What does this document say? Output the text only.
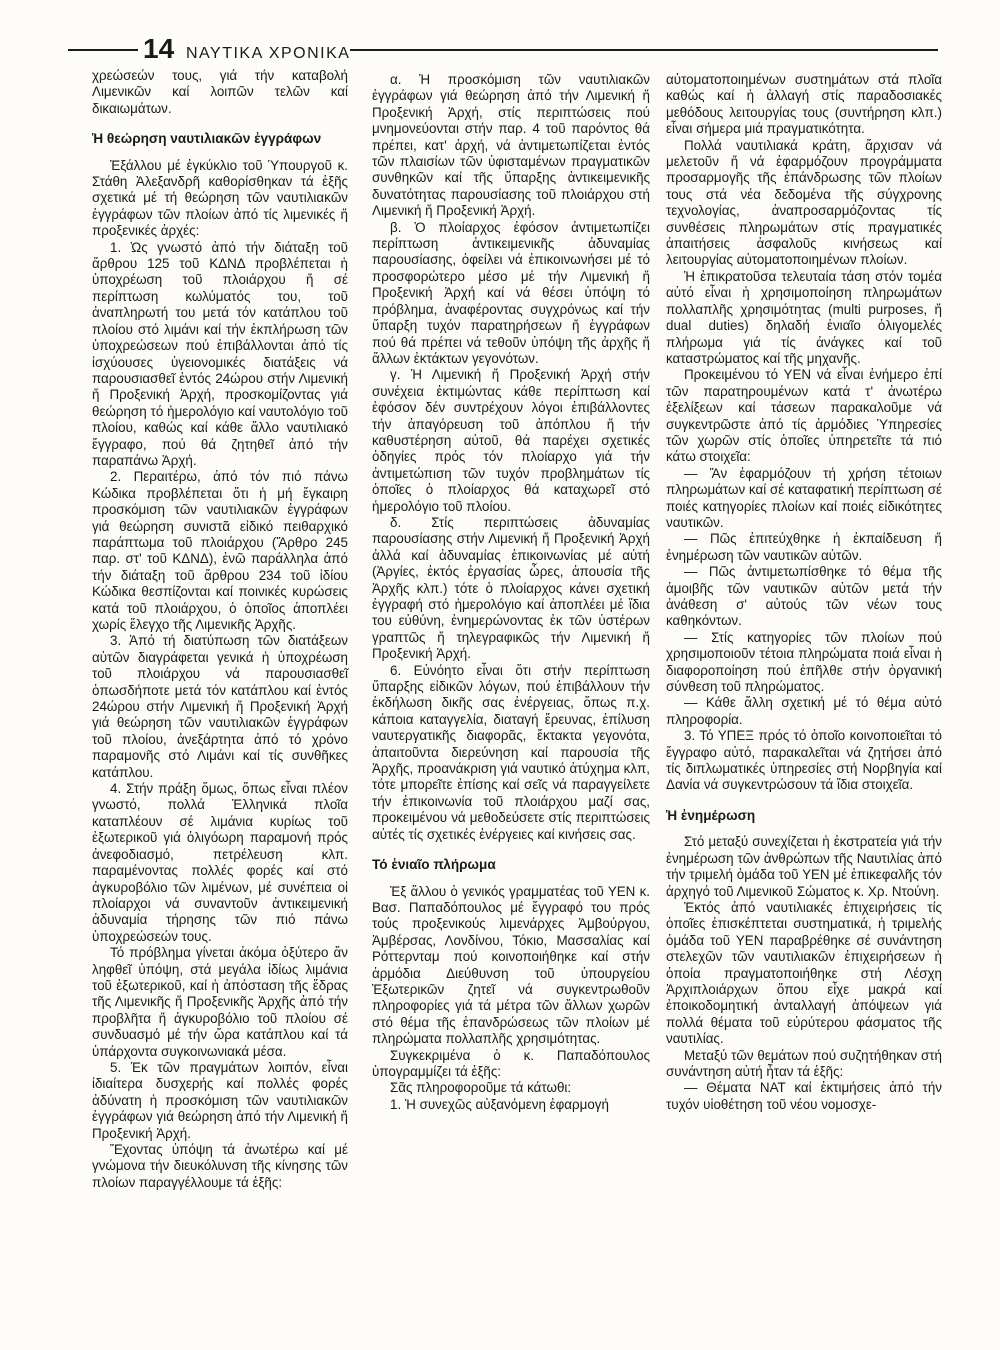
14 ΝΑΥΤΙΚΑ ΧΡΟΝΙΚΑ

χρεώσεών τους, γιά τήν καταβολή Λιμενικῶν καί λοιπῶν τελῶν καί δικαιωμάτων.

Ἡ θεώρηση ναυτιλιακῶν ἐγγράφων

Ἐξάλλου μέ ἐγκύκλιο τοῦ Ὑπουργοῦ κ. Στάθη Ἀλεξανδρῆ καθορίσθηκαν τά ἑξῆς σχετικά μέ τή θεώρηση τῶν ναυτιλιακῶν ἐγγράφων τῶν πλοίων ἀπό τίς λιμενικές ἤ προξενικές ἀρχές:

1. Ὡς γνωστό ἀπό τήν διάταξη τοῦ ἄρθρου 125 τοῦ ΚΔΝΔ προβλέπεται ἡ ὑποχρέωση τοῦ πλοιάρχου ἤ σέ περίπτωση κωλύματός του, τοῦ ἀναπληρωτή του μετά τόν κατάπλου τοῦ πλοίου στό λιμάνι καί τήν ἐκπλήρωση τῶν ὑποχρεώσεων πού ἐπιβάλλονται ἀπό τίς ἰσχύουσες ὑγειονομικές διατάξεις νά παρουσιασθεῖ ἐντός 24ώρου στήν Λιμενική ἤ Προξενική Ἀρχή, προσκομίζοντας γιά θεώρηση τό ἡμερολόγιο καί ναυτολόγιο τοῦ πλοίου, καθώς καί κάθε ἄλλο ναυτιλιακό ἔγγραφο, πού θά ζητηθεῖ ἀπό τήν παραπάνω Ἀρχή.

2. Περαιτέρω, ἀπό τόν πιό πάνω Κώδικα προβλέπεται ὅτι ἡ μή ἔγκαιρη προσκόμιση τῶν ναυτιλιακῶν ἐγγράφων γιά θεώρηση συνιστᾶ εἰδικό πειθαρχικό παράπτωμα τοῦ πλοιάρχου (Ἄρθρο 245 παρ. στ' τοῦ ΚΔΝΔ), ἐνῶ παράλληλα ἀπό τήν διάταξη τοῦ ἄρθρου 234 τοῦ ἰδίου Κώδικα θεσπίζονται καί ποινικές κυρώσεις κατά τοῦ πλοιάρχου, ὁ ὁποῖος ἀποπλέει χωρίς ἔλεγχο τῆς Λιμενικῆς Ἀρχῆς.

3. Ἀπό τή διατύπωση τῶν διατάξεων αὐτῶν διαγράφεται γενικά ἡ ὑποχρέωση τοῦ πλοιάρχου νά παρουσιασθεῖ ὁπωσδήποτε μετά τόν κατάπλου καί ἐντός 24ώρου στήν Λιμενική ἤ Προξενική Ἀρχή γιά θεώρηση τῶν ναυτιλιακῶν ἐγγράφων τοῦ πλοίου, ἀνεξάρτητα ἀπό τό χρόνο παραμονῆς στό Λιμάνι καί τίς συνθῆκες κατάπλου.

4. Στήν πράξη ὅμως, ὅπως εἶναι πλέον γνωστό, πολλά Ἑλληνικά πλοῖα καταπλέουν σέ λιμάνια κυρίως τοῦ ἐξωτερικοῦ γιά ὀλιγόωρη παραμονή πρός ἀνεφοδιασμό, πετρέλευση κλπ. παραμένοντας πολλές φορές καί στό ἀγκυροβόλιο τῶν λιμένων, μέ συνέπεια οἱ πλοίαρχοι νά συναντοῦν ἀντικειμενική ἀδυναμία τήρησης τῶν πιό πάνω ὑποχρεώσεών τους.

Τό πρόβλημα γίνεται ἀκόμα ὀξύτερο ἄν ληφθεῖ ὑπόψη, στά μεγάλα ἰδίως λιμάνια τοῦ ἐξωτερικοῦ, καί ἡ ἀπόσταση τῆς ἕδρας τῆς Λιμενικῆς ἤ Προξενικῆς Ἀρχῆς ἀπό τήν προβλῆτα ἤ ἀγκυροβόλιο τοῦ πλοίου σέ συνδυασμό μέ τήν ὥρα κατάπλου καί τά ὑπάρχοντα συγκοινωνιακά μέσα.

5. Ἐκ τῶν πραγμάτων λοιπόν, εἶναι ἰδιαίτερα δυσχερής καί πολλές φορές ἀδύνατη ἡ προσκόμιση τῶν ναυτιλιακῶν ἐγγράφων γιά θεώρηση ἀπό τήν Λιμενική ἤ Προξενική Ἀρχή.

Ἔχοντας ὑπόψη τά ἀνωτέρω καί μέ γνώμονα τήν διευκόλυνση τῆς κίνησης τῶν πλοίων παραγγέλλουμε τά ἑξῆς:

α. Ἡ προσκόμιση τῶν ναυτιλιακῶν ἐγγράφων γιά θεώρηση ἀπό τήν Λιμενική ἤ Προξενική Ἀρχή, στίς περιπτώσεις πού μνημονεύονται στήν παρ. 4 τοῦ παρόντος θά πρέπει, κατ' ἀρχή, νά ἀντιμετωπίζεται ἐντός τῶν πλαισίων τῶν ὑφισταμένων πραγματικῶν συνθηκῶν καί τῆς ὕπαρξης ἀντικειμενικῆς δυνατότητας παρουσίασης τοῦ πλοιάρχου στή Λιμενική ἤ Προξενική Ἀρχή.

β. Ὁ πλοίαρχος ἐφόσον ἀντιμετωπίζει περίπτωση ἀντικειμενικῆς ἀδυναμίας παρουσίασης, ὀφείλει νά ἐπικοινωνήσει μέ τό προσφορώτερο μέσο μέ τήν Λιμενική ἤ Προξενική Ἀρχή καί νά θέσει ὑπόψη τό πρόβλημα, ἀναφέροντας συγχρόνως καί τήν ὕπαρξη τυχόν παρατηρήσεων ἤ ἐγγράφων πού θά πρέπει νά τεθοῦν ὑπόψη τῆς ἀρχῆς ἤ ἄλλων ἐκτάκτων γεγονότων.

γ. Ἡ Λιμενική ἤ Προξενική Ἀρχή στήν συνέχεια ἐκτιμώντας κάθε περίπτωση καί ἐφόσον δέν συντρέχουν λόγοι ἐπιβάλλοντες τήν ἀπαγόρευση τοῦ ἀπόπλου ἤ τήν καθυστέρηση αὐτοῦ, θά παρέχει σχετικές ὁδηγίες πρός τόν πλοίαρχο γιά τήν ἀντιμετώπιση τῶν τυχόν προβλημάτων τίς ὁποῖες ὁ πλοίαρχος θά καταχωρεῖ στό ἡμερολόγιο τοῦ πλοίου.

δ. Στίς περιπτώσεις ἀδυναμίας παρουσίασης στήν Λιμενική ἤ Προξενική Ἀρχή ἀλλά καί ἀδυναμίας ἐπικοινωνίας μέ αὐτή (Ἀργίες, ἐκτός ἐργασίας ὧρες, ἀπουσία τῆς Ἀρχῆς κλπ.) τότε ὁ πλοίαρχος κάνει σχετική ἐγγραφή στό ἡμερολόγιο καί ἀποπλέει μέ ἴδια του εὐθύνη, ἐνημερώνοντας ἐκ τῶν ὑστέρων γραπτῶς ἤ τηλεγραφικῶς τήν Λιμενική ἤ Προξενική Ἀρχή.

6. Εὐνόητο εἶναι ὅτι στήν περίπτωση ὕπαρξης εἰδικῶν λόγων, πού ἐπιβάλλουν τήν ἐκδήλωση δικῆς σας ἐνέργειας, ὅπως π.χ. κάποια καταγγελία, διαταγή ἔρευνας, ἐπίλυση ναυτεργατικῆς διαφορᾶς, ἔκτακτα γεγονότα, ἀπαιτοῦντα διερεύνηση καί παρουσία τῆς Ἀρχῆς, προανάκριση γιά ναυτικό ἀτύχημα κλπ, τότε μπορεῖτε ἐπίσης καί σεῖς νά παραγγείλετε τήν ἐπικοινωνία τοῦ πλοιάρχου μαζί σας, προκειμένου νά μεθοδεύσετε στίς περιπτώσεις αὐτές τίς σχετικές ἐνέργειες καί κινήσεις σας.

Τό ἑνιαῖο πλήρωμα

Ἐξ ἄλλου ὁ γενικός γραμματέας τοῦ ΥΕΝ κ. Βασ. Παπαδόπουλος μέ ἔγγραφό του πρός τούς προξενικούς λιμενάρχες Ἀμβούργου, Ἀμβέρσας, Λονδίνου, Τόκιο, Μασσαλίας καί Ρόττερνταμ πού κοινοποιήθηκε καί στήν ἁρμόδια Διεύθυνση τοῦ ὑπουργείου Ἐξωτερικῶν ζητεῖ νά συγκεντρωθοῦν πληροφορίες γιά τά μέτρα τῶν ἄλλων χωρῶν στό θέμα τῆς ἐπανδρώσεως τῶν πλοίων μέ πληρώματα πολλαπλῆς χρησιμότητας.

Συγκεκριμένα ὁ κ. Παπαδόπουλος ὑπογραμμίζει τά ἑξῆς:

Σᾶς πληροφοροῦμε τά κάτωθι:

1. Ἡ συνεχῶς αὐξανόμενη ἐφαρμογή

αὐτοματοποιημένων συστημάτων στά πλοῖα καθώς καί ἡ ἀλλαγή στίς παραδοσιακές μεθόδους λειτουργίας τους (συντήρηση κλπ.) εἶναι σήμερα μιά πραγματικότητα.

Πολλά ναυτιλιακά κράτη, ἄρχισαν νά μελετοῦν ἤ νά ἐφαρμόζουν προγράμματα προσαρμογῆς τῆς ἐπάνδρωσης τῶν πλοίων τους στά νέα δεδομένα τῆς σύγχρονης τεχνολογίας, ἀναπροσαρμόζοντας τίς συνθέσεις πληρωμάτων στίς πραγματικές ἀπαιτήσεις ἀσφαλοῦς κινήσεως καί λειτουργίας αὐτοματοποιημένων πλοίων.

Ἡ ἐπικρατοῦσα τελευταία τάση στόν τομέα αὐτό εἶναι ἡ χρησιμοποίηση πληρωμάτων πολλαπλῆς χρησιμότητας (multi purposes, ἤ dual duties) δηλαδή ἑνιαῖο ὀλιγομελές πλήρωμα γιά τίς ἀνάγκες καί τοῦ καταστρώματος καί τῆς μηχανῆς.

Προκειμένου τό ΥΕΝ νά εἶναι ἐνήμερο ἐπί τῶν παρατηρουμένων κατά τ' ἀνωτέρω ἐξελίξεων καί τάσεων παρακαλοῦμε νά συγκεντρῶστε ἀπό τίς ἁρμόδιες Ὑπηρεσίες τῶν χωρῶν στίς ὁποῖες ὑπηρετεῖτε τά πιό κάτω στοιχεῖα:

— Ἄν ἐφαρμόζουν τή χρήση τέτοιων πληρωμάτων καί σέ καταφατική περίπτωση σέ ποιές κατηγορίες πλοίων καί ποιές εἰδικότητες ναυτικῶν.

— Πῶς ἐπιτεύχθηκε ἡ ἐκπαίδευση ἤ ἐνημέρωση τῶν ναυτικῶν αὐτῶν.

— Πῶς ἀντιμετωπίσθηκε τό θέμα τῆς ἀμοιβῆς τῶν ναυτικῶν αὐτῶν μετά τήν ἀνάθεση σ' αὐτούς τῶν νέων τους καθηκόντων.

— Στίς κατηγορίες τῶν πλοίων πού χρησιμοποιοῦν τέτοια πληρώματα ποιά εἶναι ἡ διαφοροποίηση πού ἐπῆλθε στήν ὀργανική σύνθεση τοῦ πληρώματος.

— Κάθε ἄλλη σχετική μέ τό θέμα αὐτό πληροφορία.

3. Τό ΥΠΕΞ πρός τό ὁποῖο κοινοποιεῖται τό ἔγγραφο αὐτό, παρακαλεῖται νά ζητήσει ἀπό τίς διπλωματικές ὑπηρεσίες στή Νορβηγία καί Δανία νά συγκεντρώσουν τά ἴδια στοιχεῖα.

Ἡ ἐνημέρωση

Στό μεταξύ συνεχίζεται ἡ ἐκστρατεία γιά τήν ἐνημέρωση τῶν ἀνθρώπων τῆς Ναυτιλίας ἀπό τήν τριμελή ὁμάδα τοῦ ΥΕΝ μέ ἐπικεφαλῆς τόν ἀρχηγό τοῦ Λιμενικοῦ Σώματος κ. Χρ. Ντούνη.

Ἐκτός ἀπό ναυτιλιακές ἐπιχειρήσεις τίς ὁποῖες ἐπισκέπτεται συστηματικά, ἡ τριμελής ὁμάδα τοῦ ΥΕΝ παραβρέθηκε σέ συνάντηση στελεχῶν τῶν ναυτιλιακῶν ἐπιχειρήσεων ἡ ὁποία πραγματοποιήθηκε στή Λέσχη Ἀρχιπλοιάρχων ὅπου εἶχε μακρά καί ἐποικοδομητική ἀνταλλαγή ἀπόψεων γιά πολλά θέματα τοῦ εὐρύτερου φάσματος τῆς ναυτιλίας.

Μεταξύ τῶν θεμάτων πού συζητήθηκαν στή συνάντηση αὐτή ἦταν τά ἑξῆς:

— Θέματα ΝΑΤ καί ἐκτιμήσεις ἀπό τήν τυχόν υἱοθέτηση τοῦ νέου νομοσχε-
